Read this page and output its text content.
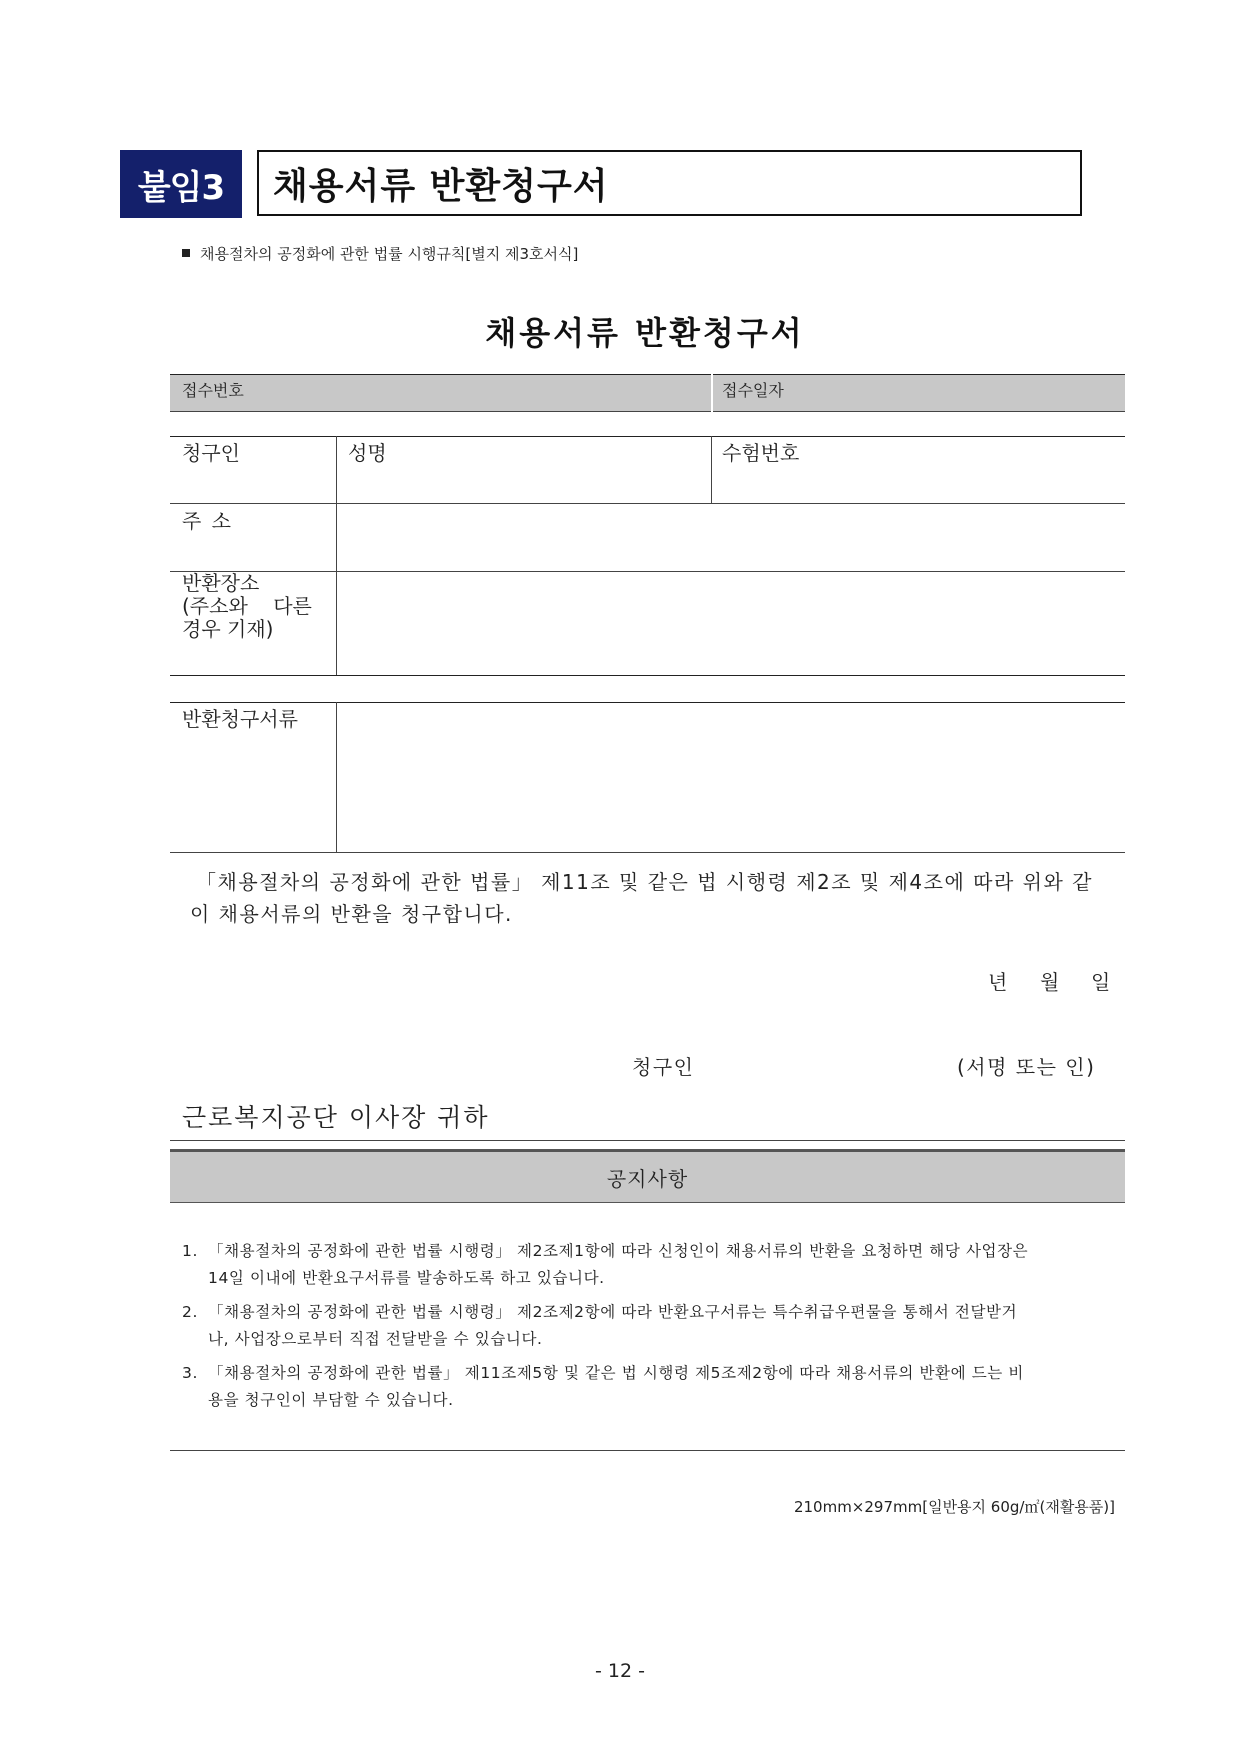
붙임3 채용서류 반환청구서
채용절차의 공정화에 관한 법률 시행규칙[별지 제3호서식]
채용서류 반환청구서
접수번호	접수일자
청구인	성명	수험번호
주 소
반환장소
(주소와    다른
경우 기재)
반환청구서류
「채용절차의 공정화에 관한 법률」 제11조 및 같은 법 시행령 제2조 및 제4조에 따라 위와 같
이 채용서류의 반환을 청구합니다.
년 월 일
청구인	(서명 또는 인)
근로복지공단 이사장 귀하
공지사항
1. 「채용절차의 공정화에 관한 법률 시행령」 제2조제1항에 따라 신청인이 채용서류의 반환을 요청하면 해당 사업장은
14일 이내에 반환요구서류를 발송하도록 하고 있습니다.
2. 「채용절차의 공정화에 관한 법률 시행령」 제2조제2항에 따라 반환요구서류는 특수취급우편물을 통해서 전달받거
나, 사업장으로부터 직접 전달받을 수 있습니다.
3. 「채용절차의 공정화에 관한 법률」 제11조제5항 및 같은 법 시행령 제5조제2항에 따라 채용서류의 반환에 드는 비
용을 청구인이 부담할 수 있습니다.
210mm×297mm[일반용지 60g/㎡(재활용품)]
- 12 -
